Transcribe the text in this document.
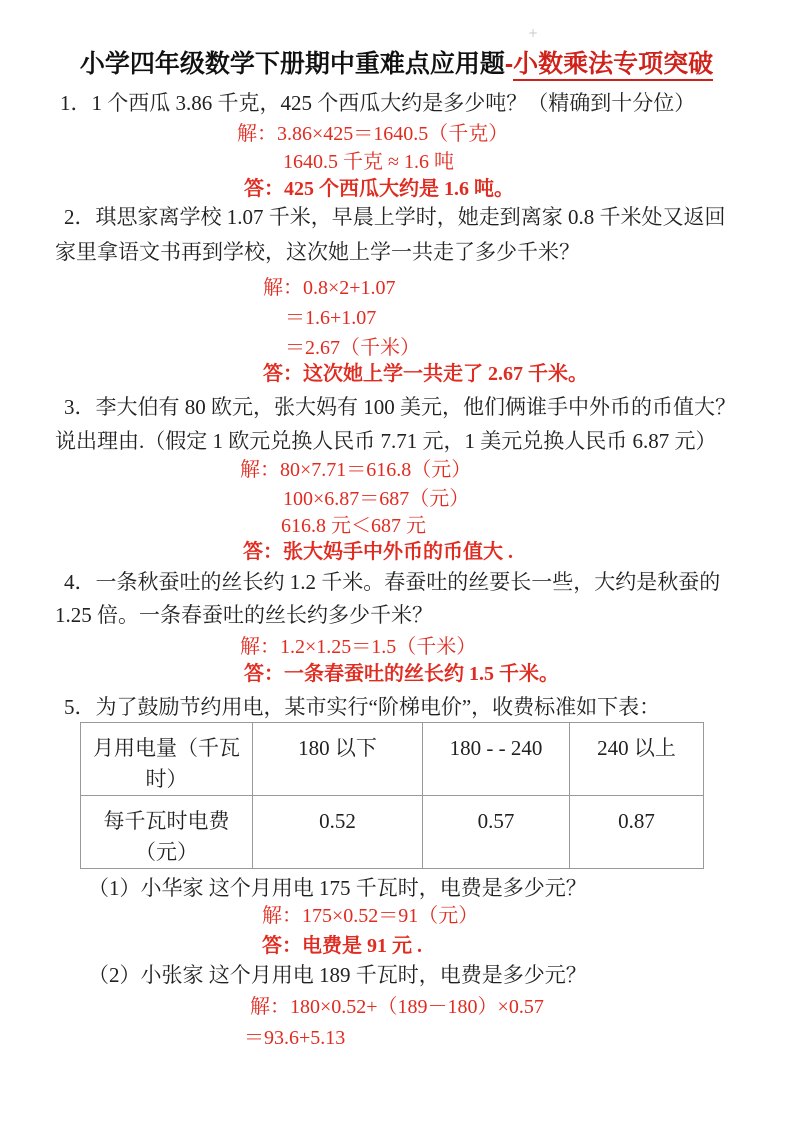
+
小学四年级数学下册期中重难点应用题-小数乘法专项突破
1．1 个西瓜 3.86 千克，425 个西瓜大约是多少吨？（精确到十分位）
解：3.86×425＝1640.5（千克）
1640.5 千克 ≈ 1.6 吨
答：425 个西瓜大约是 1.6 吨。
2．琪思家离学校 1.07 千米，早晨上学时，她走到离家 0.8 千米处又返回
家里拿语文书再到学校，这次她上学一共走了多少千米？
解：0.8×2+1.07
＝1.6+1.07
＝2.67（千米）
答：这次她上学一共走了 2.67 千米。
3．李大伯有 80 欧元，张大妈有 100 美元，他们俩谁手中外币的币值大？
说出理由.（假定 1 欧元兑换人民币 7.71 元，1 美元兑换人民币 6.87 元）
解：80×7.71＝616.8（元）
100×6.87＝687（元）
616.8 元＜687 元
答：张大妈手中外币的币值大 .
4．一条秋蚕吐的丝长约 1.2 千米。春蚕吐的丝要长一些，大约是秋蚕的
1.25 倍。一条春蚕吐的丝长约多少千米？
解：1.2×1.25＝1.5（千米）
答：一条春蚕吐的丝长约 1.5 千米。
5．为了鼓励节约用电，某市实行“阶梯电价”，收费标准如下表：
月用电量（千瓦时）	180 以下	180 - - 240	240 以上
每千瓦时电费（元）	0.52	0.57	0.87
（1）小华家 这个月用电 175 千瓦时，电费是多少元？
解：175×0.52＝91（元）
答：电费是 91 元 .
（2）小张家 这个月用电 189 千瓦时，电费是多少元？
解：180×0.52+（189－180）×0.57
＝93.6+5.13
